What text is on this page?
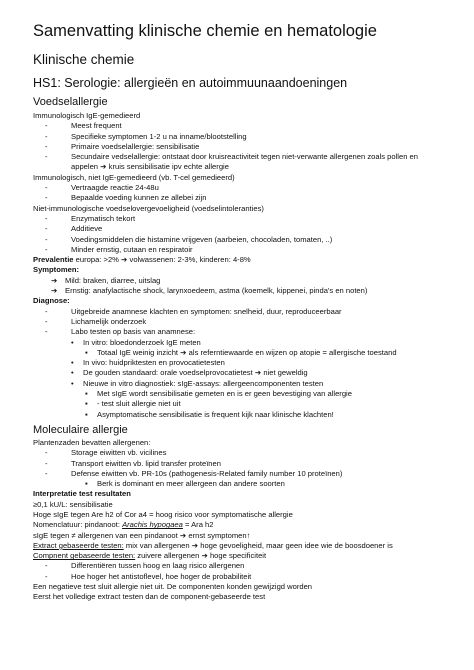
Samenvatting klinische chemie en hematologie
Klinische chemie
HS1: Serologie: allergieën en autoimmuunaandoeningen
Voedselallergie
Immunologisch IgE-gemedieerd
-	Meest frequent
-	Specifieke symptomen 1-2 u na inname/blootstelling
-	Primaire voedselallergie: sensibilisatie
-	Secundaire vedselallergie: ontstaat door kruisreactiviteit tegen niet-verwante allergenen zoals pollen en
appelen ➔ kruis sensibilisatie ipv echte allergie
Immunologisch, niet IgE-gemedieerd (vb. T-cel gemedieerd)
-	Vertraagde reactie 24-48u
-	Bepaalde voeding kunnen ze allebei zijn
Niet-immunologische voedselovergevoeligheid (voedselintoleranties)
-	Enzymatisch tekort
-	Additieve
-	Voedingsmiddelen die histamine vrijgeven (aarbeien, chocoladen, tomaten, ..)
-	Minder ernstig, cutaan en respiratoir
Prevalentie europa: >2% ➔ volwassenen: 2-3%, kinderen: 4-8%
Symptomen:
➔ Mild: braken, diarree, uitslag
➔ Ernstig: anafylactische shock, larynxoedeem, astma (koemelk, kippenei, pinda's en noten)
Diagnose:
-	Uitgebreide anamnese klachten en symptomen: snelheid, duur, reproduceerbaar
-	Lichamelijk onderzoek
-	Labo testen op basis van anamnese:
• In vitro: bloedonderzoek IgE meten
▪ Totaal IgE weinig inzicht ➔ als referntiewaarde en wijzen op atopie = allergische toestand
• In vivo: huidpriktesten en provocatietesten
• De gouden standaard: orale voedselprovocatietest ➔ niet geweldig
• Nieuwe in vitro diagnostiek: sIgE-assays: allergeencomponenten testen
▪ Met sIgE wordt sensibilisatie gemeten en is er geen bevestiging van allergie
▪ - test sluit allergie niet uit
▪ Asymptomatische sensibilisatie is frequent kijk naar klinische klachten!
Moleculaire allergie
Plantenzaden bevatten allergenen:
-	Storage eiwitten vb. vicilines
-	Transport eiwitten vb. lipid transfer proteïnen
-	Defense eiwitten vb. PR-10s (pathogenesis-Related family number 10 proteïnen)
▪ Berk is dominant en meer allergeen dan andere soorten
Interpretatie test resultaten
≥0,1 kU/L: sensibilisatie
Hoge sIgE tegen Are h2 of Cor a4 = hoog risico voor symptomatische allergie
Nomenclatuur: pindanoot: Arachis hypogaea = Ara h2
sIgE tegen ≠ allergenen van een pindanoot ➔ ernst symptomen↑
Extract gebaseerde testen: mix van allergenen ➔ hoge gevoeligheid, maar geen idee wie de boosdoener is
Compnent gebaseerde testen: zuivere allergenen ➔ hoge specificiteit
-	Differentiëren tussen hoog en laag risico allergenen
-	Hoe hoger het antistoflevel, hoe hoger de probabiliteit
Een negatieve test sluit allergie niet uit. De componenten konden gewijzigd worden
Eerst het volledige extract testen dan de component-gebaseerde test
